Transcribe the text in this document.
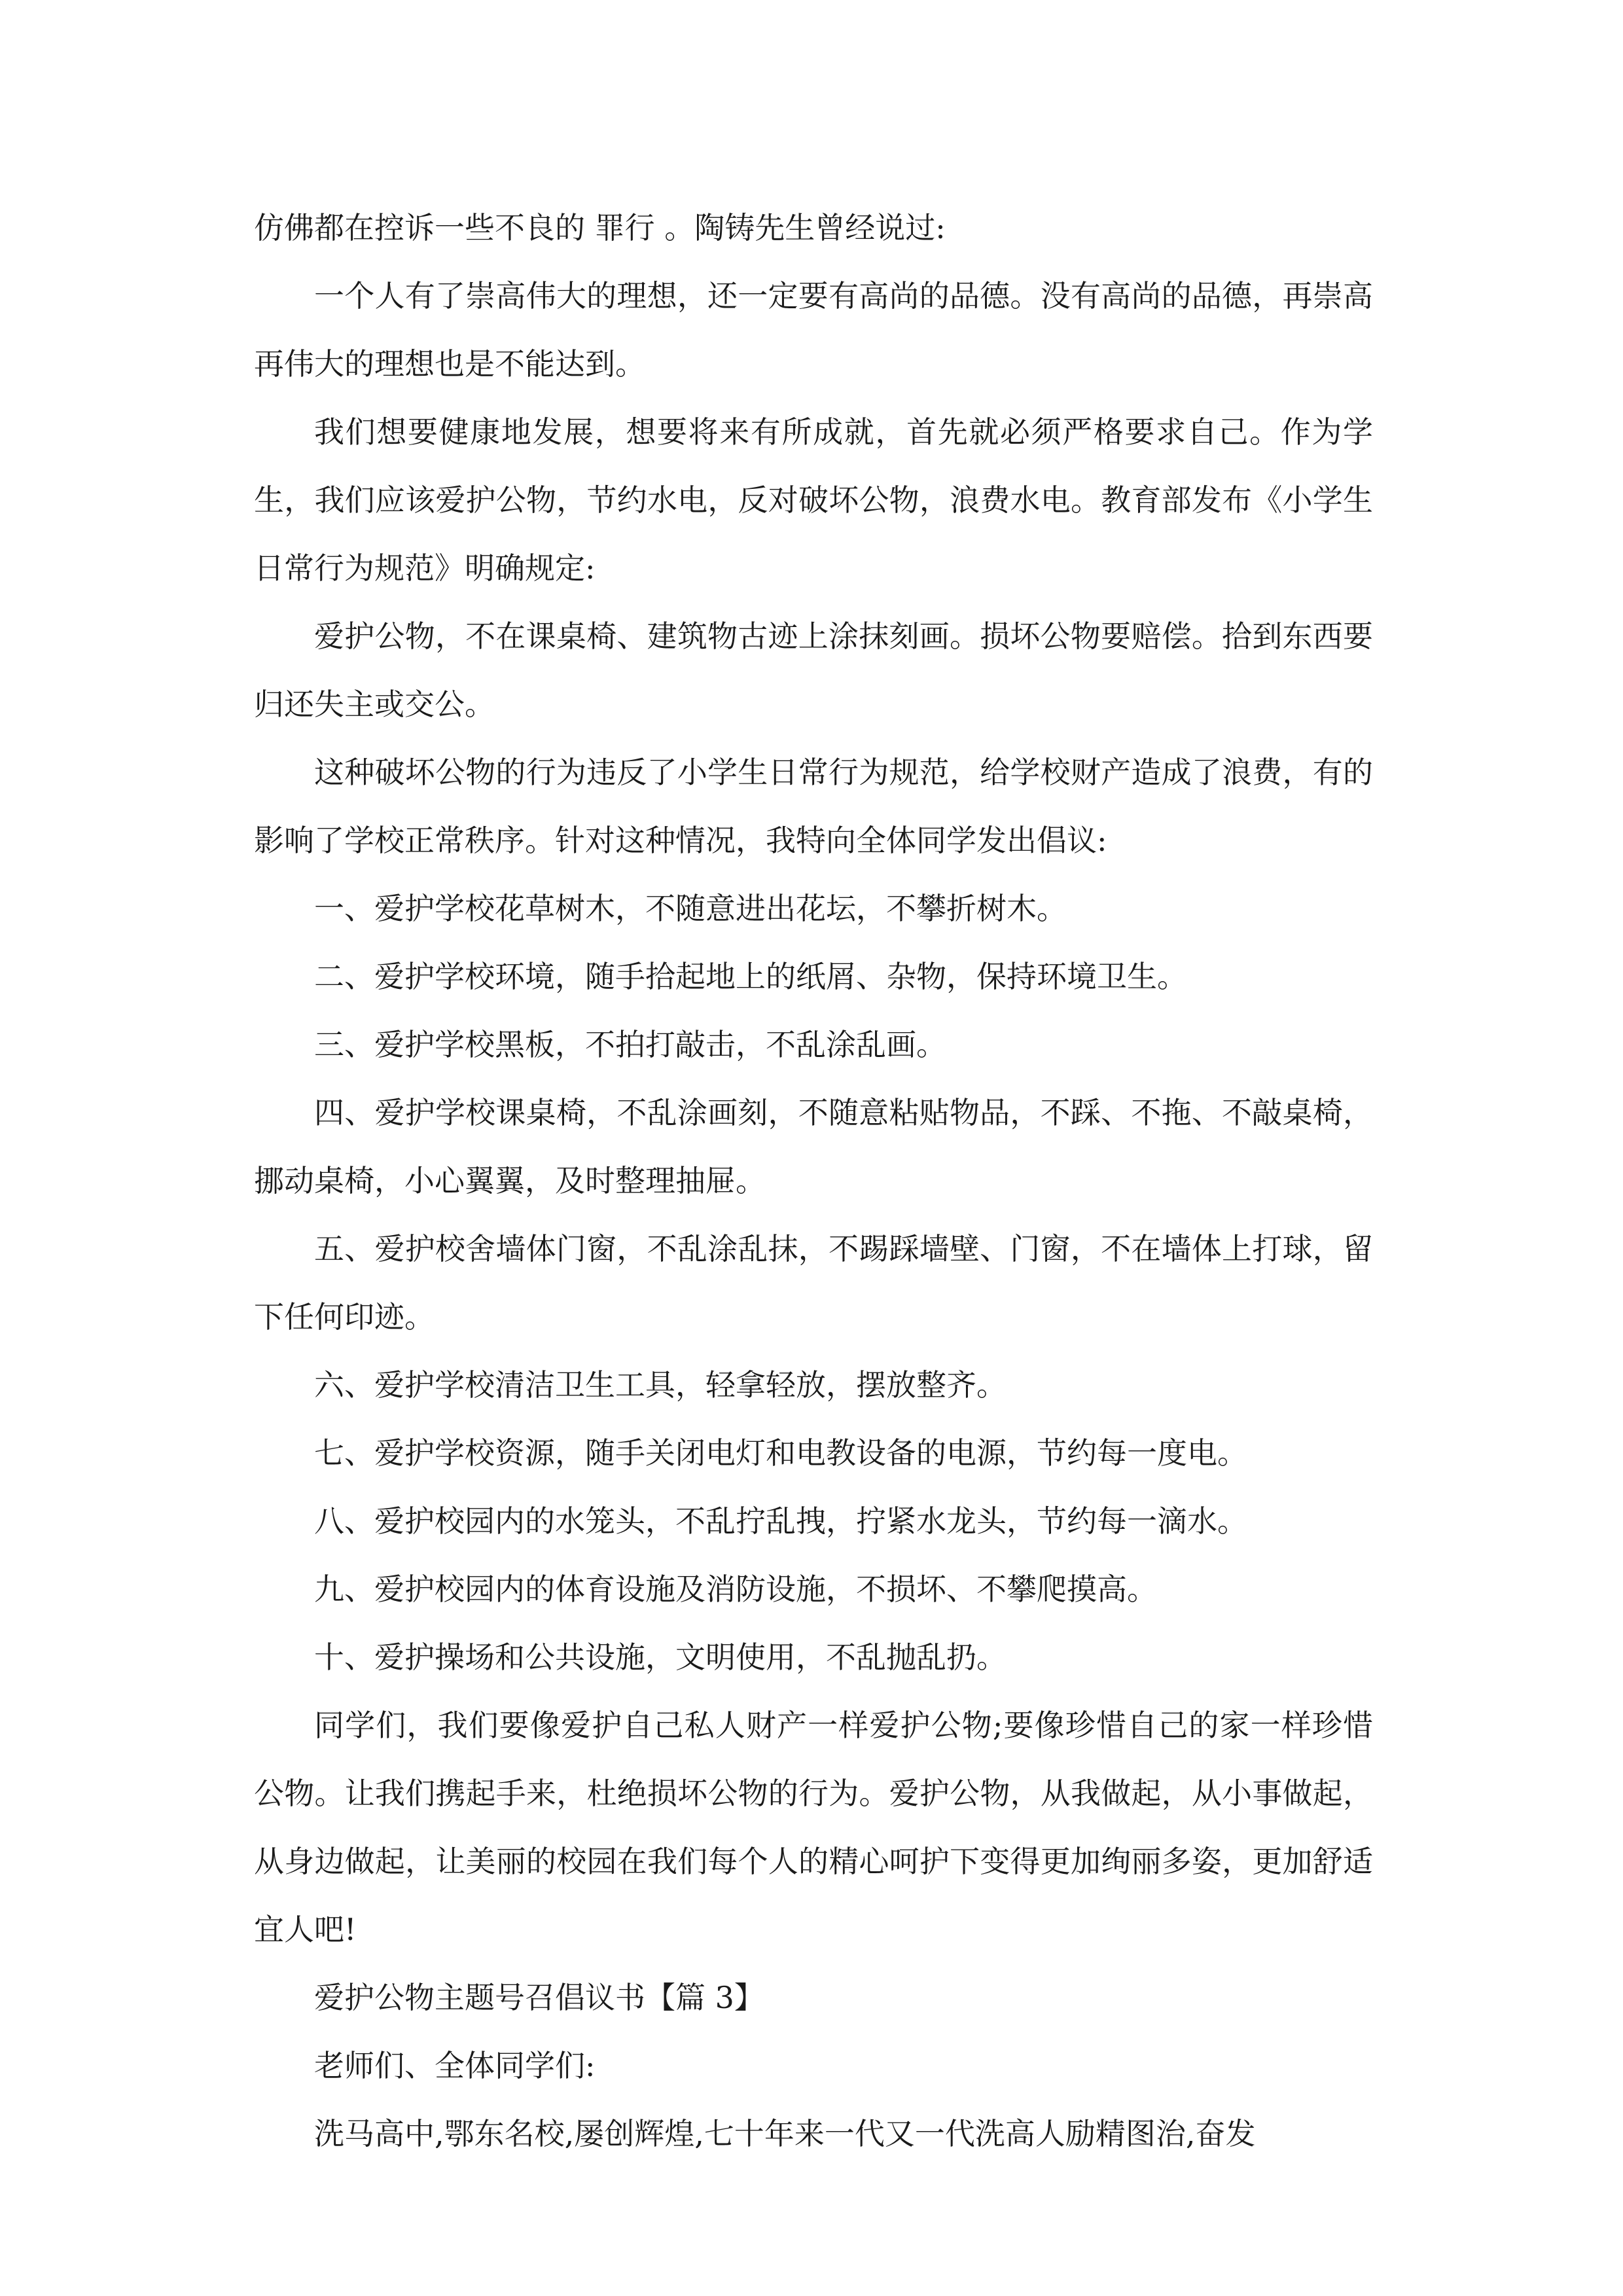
仿佛都在控诉一些不良的 罪行 。陶铸先生曾经说过:

一个人有了崇高伟大的理想，还一定要有高尚的品德。没有高尚的品德，再崇高再伟大的理想也是不能达到。

我们想要健康地发展，想要将来有所成就，首先就必须严格要求自己。作为学生，我们应该爱护公物，节约水电，反对破坏公物，浪费水电。教育部发布《小学生日常行为规范》明确规定:

爱护公物，不在课桌椅、建筑物古迹上涂抹刻画。损坏公物要赔偿。拾到东西要归还失主或交公。

这种破坏公物的行为违反了小学生日常行为规范，给学校财产造成了浪费，有的影响了学校正常秩序。针对这种情况，我特向全体同学发出倡议:

一、爱护学校花草树木，不随意进出花坛，不攀折树木。

二、爱护学校环境，随手拾起地上的纸屑、杂物，保持环境卫生。

三、爱护学校黑板，不拍打敲击，不乱涂乱画。

四、爱护学校课桌椅，不乱涂画刻，不随意粘贴物品，不踩、不拖、不敲桌椅，挪动桌椅，小心翼翼，及时整理抽屉。

五、爱护校舍墙体门窗，不乱涂乱抹，不踢踩墙壁、门窗，不在墙体上打球，留下任何印迹。

六、爱护学校清洁卫生工具，轻拿轻放，摆放整齐。

七、爱护学校资源，随手关闭电灯和电教设备的电源，节约每一度电。

八、爱护校园内的水笼头，不乱拧乱拽，拧紧水龙头，节约每一滴水。

九、爱护校园内的体育设施及消防设施，不损坏、不攀爬摸高。

十、爱护操场和公共设施，文明使用，不乱抛乱扔。

同学们，我们要像爱护自己私人财产一样爱护公物;要像珍惜自己的家一样珍惜公物。让我们携起手来，杜绝损坏公物的行为。爱护公物，从我做起，从小事做起，从身边做起，让美丽的校园在我们每个人的精心呵护下变得更加绚丽多姿，更加舒适宜人吧!

爱护公物主题号召倡议书【篇 3】

老师们、全体同学们:

洗马高中,鄂东名校,屡创辉煌,七十年来一代又一代洗高人励精图治,奋发
